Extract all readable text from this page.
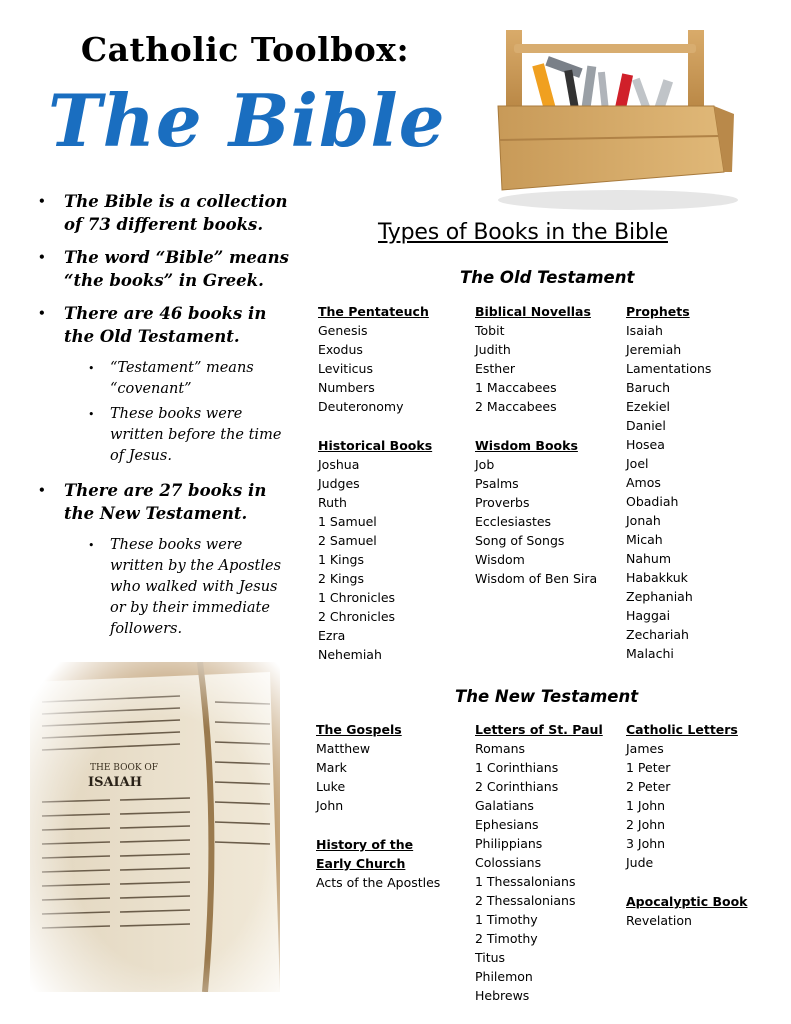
Catholic Toolbox:
The Bible
• The Bible is a collection of 73 different books.
• The word “Bible” means “the books” in Greek.
• There are 46 books in the Old Testament.
• “Testament” means “covenant”
• These books were written before the time of Jesus.
• There are 27 books in the New Testament.
• These books were written by the Apostles who walked with Jesus or by their immediate followers.
Types of Books in the Bible
The Old Testament
The Pentateuch
Genesis
Exodus
Leviticus
Numbers
Deuteronomy
Historical Books
Joshua
Judges
Ruth
1 Samuel
2 Samuel
1 Kings
2 Kings
1 Chronicles
2 Chronicles
Ezra
Nehemiah
Biblical Novellas
Tobit
Judith
Esther
1 Maccabees
2 Maccabees
Wisdom Books
Job
Psalms
Proverbs
Ecclesiastes
Song of Songs
Wisdom
Wisdom of Ben Sira
Prophets
Isaiah
Jeremiah
Lamentations
Baruch
Ezekiel
Daniel
Hosea
Joel
Amos
Obadiah
Jonah
Micah
Nahum
Habakkuk
Zephaniah
Haggai
Zechariah
Malachi
The New Testament
The Gospels
Matthew
Mark
Luke
John
History of the
Early Church
Acts of the Apostles
Letters of St. Paul
Romans
1 Corinthians
2 Corinthians
Galatians
Ephesians
Philippians
Colossians
1 Thessalonians
2 Thessalonians
1 Timothy
2 Timothy
Titus
Philemon
Hebrews
Catholic Letters
James
1 Peter
2 Peter
1 John
2 John
3 John
Jude
Apocalyptic Book
Revelation
